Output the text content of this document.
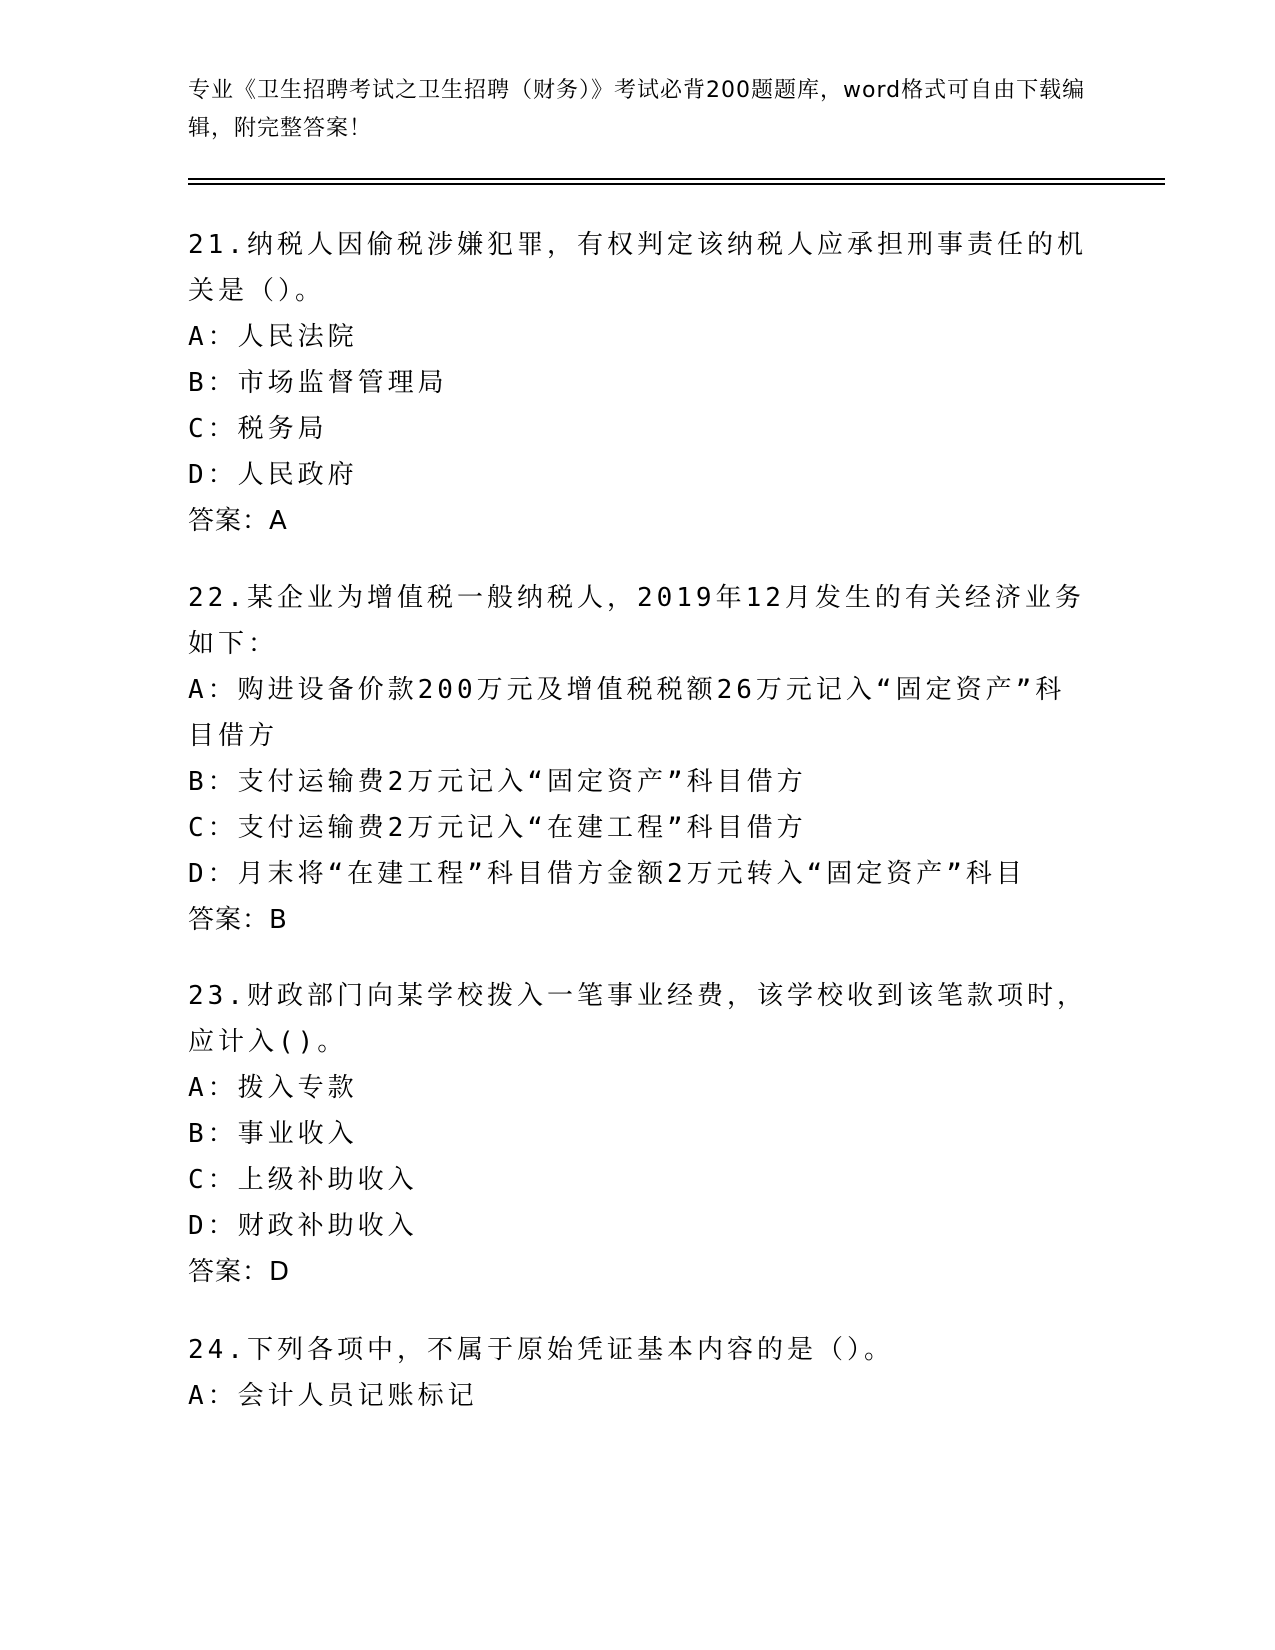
专业《卫生招聘考试之卫生招聘（财务）》考试必背200题题库，word格式可自由下载编辑，附完整答案！

21.纳税人因偷税涉嫌犯罪，有权判定该纳税人应承担刑事责任的机关是（）。

A：人民法院

B：市场监督管理局

C：税务局

D：人民政府

答案：A

22.某企业为增值税一般纳税人，2019年12月发生的有关经济业务如下：

A：购进设备价款200万元及增值税税额26万元记入“固定资产”科目借方

B：支付运输费2万元记入“固定资产”科目借方

C：支付运输费2万元记入“在建工程”科目借方

D：月末将“在建工程”科目借方金额2万元转入“固定资产”科目

答案：B

23.财政部门向某学校拨入一笔事业经费，该学校收到该笔款项时，应计入()。

A：拨入专款

B：事业收入

C：上级补助收入

D：财政补助收入

答案：D

24.下列各项中，不属于原始凭证基本内容的是（）。

A：会计人员记账标记
